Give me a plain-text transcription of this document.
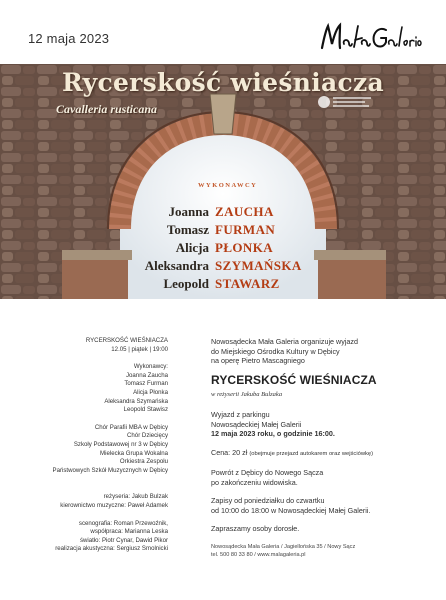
12 maja 2023
Rycerskość wieśniacza
Cavalleria rusticana
WYKONAWCY
Joanna ZAUCHA
Tomasz FURMAN
Alicja PŁONKA
Aleksandra SZYMAŃSKA
Leopold STAWARZ
RYCERSKOŚĆ WIEŚNIACZA
12.05 | piątek | 19:00
Wykonawcy:
Joanna Zaucha
Tomasz Furman
Alicja Płonka
Aleksandra Szymańska
Leopold Stawisz
Chór Parafii MBA w Dębicy
Chór Dziecięcy
Szkoły Podstawowej nr 3 w Dębicy
Mielecka Grupa Wokalna
Orkiestra Zespołu
Państwowych Szkół Muzycznych w Dębicy
reżyseria: Jakub Bulzak
kierownictwo muzyczne: Paweł Adamek
scenografia: Roman Przewoźnik,
współpraca: Marianna Leska
światło: Piotr Cynar, Dawid Pikor
realizacja akustyczna: Sergiusz Smolnicki
Nowosądecka Mała Galeria organizuje wyjazd
do Miejskiego Ośrodka Kultury w Dębicy
na operę Pietro Mascagniego
RYCERSKOŚĆ WIEŚNIACZA
w reżyserii Jakuba Bulzaka
Wyjazd z parkingu
Nowosądeckiej Małej Galerii
12 maja 2023 roku, o godzinie 16:00.
Cena: 20 zł (obejmuje przejazd autokarem oraz wejściówkę)
Powrót z Dębicy do Nowego Sącza
po zakończeniu widowiska.
Zapisy od poniedziałku do czwartku
od 10:00 do 18:00 w Nowosądeckiej Małej Galerii.
Zapraszamy osoby dorosłe.
Nowosądecka Mała Galeria / Jagiellońska 35 / Nowy Sącz
tel. 500 80 33 80 / www.malagaleria.pl
